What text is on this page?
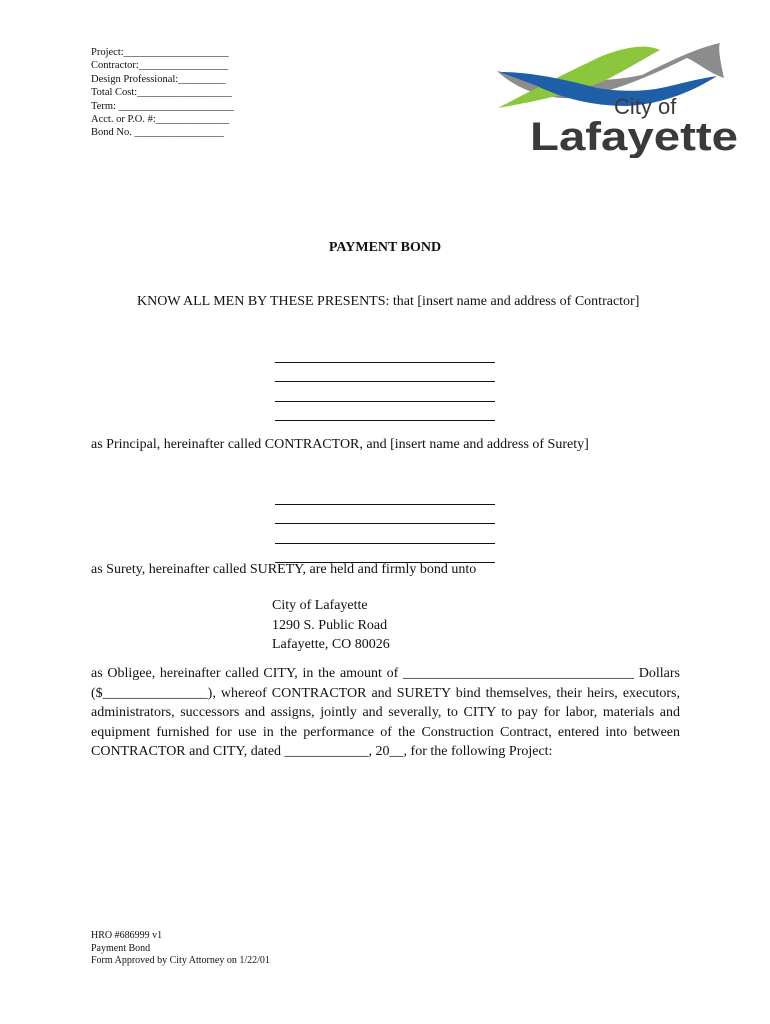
Project:____________________
Contractor:_________________
Design Professional:_________
Total Cost:__________________
Term: ______________________
Acct. or P.O. #:______________
Bond No. _________________
City of
Lafayette
PAYMENT BOND
KNOW ALL MEN BY THESE PRESENTS: that [insert name and address of Contractor]
as Principal, hereinafter called CONTRACTOR, and [insert name and address of Surety]
as Surety, hereinafter called SURETY, are held and firmly bond unto
City of Lafayette
1290 S. Public Road
Lafayette, CO 80026
as Obligee, hereinafter called CITY, in the amount of _________________________________ Dollars ($_______________), whereof CONTRACTOR and SURETY bind themselves, their heirs, executors, administrators, successors and assigns, jointly and severally, to CITY to pay for labor, materials and equipment furnished for use in the performance of the Construction Contract, entered into between CONTRACTOR and CITY, dated ____________, 20__, for the following Project:
HRO #686999 v1
Payment Bond
Form Approved by City Attorney on 1/22/01
